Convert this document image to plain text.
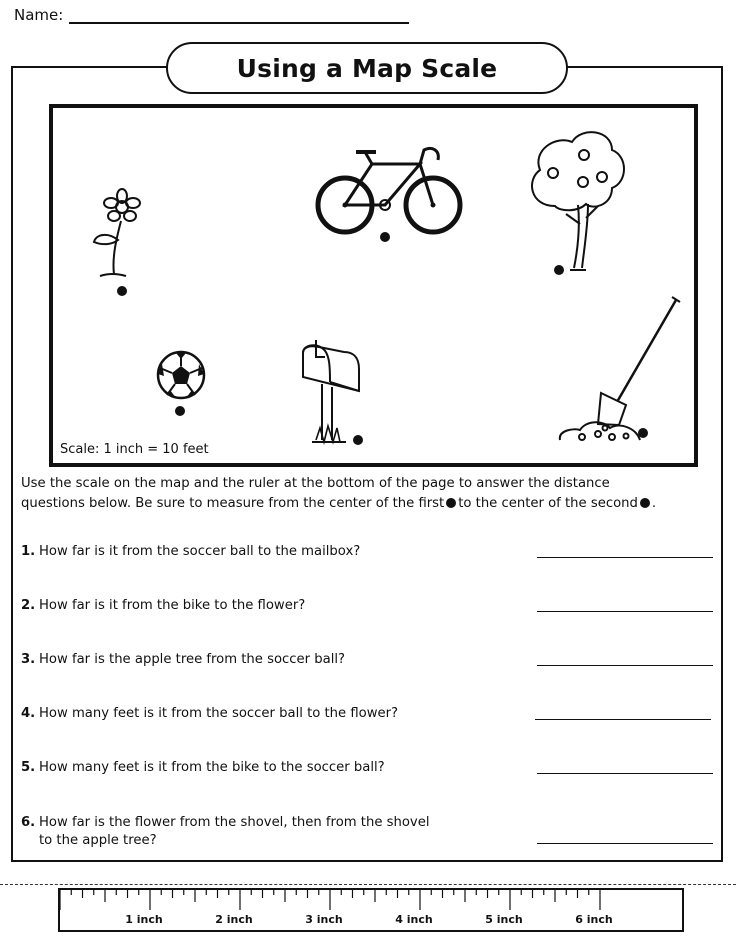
Name:
Using a Map Scale
Scale: 1 inch = 10 feet
Use the scale on the map and the ruler at the bottom of the page to answer the distance
questions below. Be sure to measure from the center of the first to the center of the second .
1. How far is it from the soccer ball to the mailbox?
2. How far is it from the bike to the flower?
3. How far is the apple tree from the soccer ball?
4. How many feet is it from the soccer ball to the flower?
5. How many feet is it from the bike to the soccer ball?
6. How far is the flower from the shovel, then from the shovel
to the apple tree?
1 inch	2 inch	3 inch	4 inch	5 inch	6 inch
